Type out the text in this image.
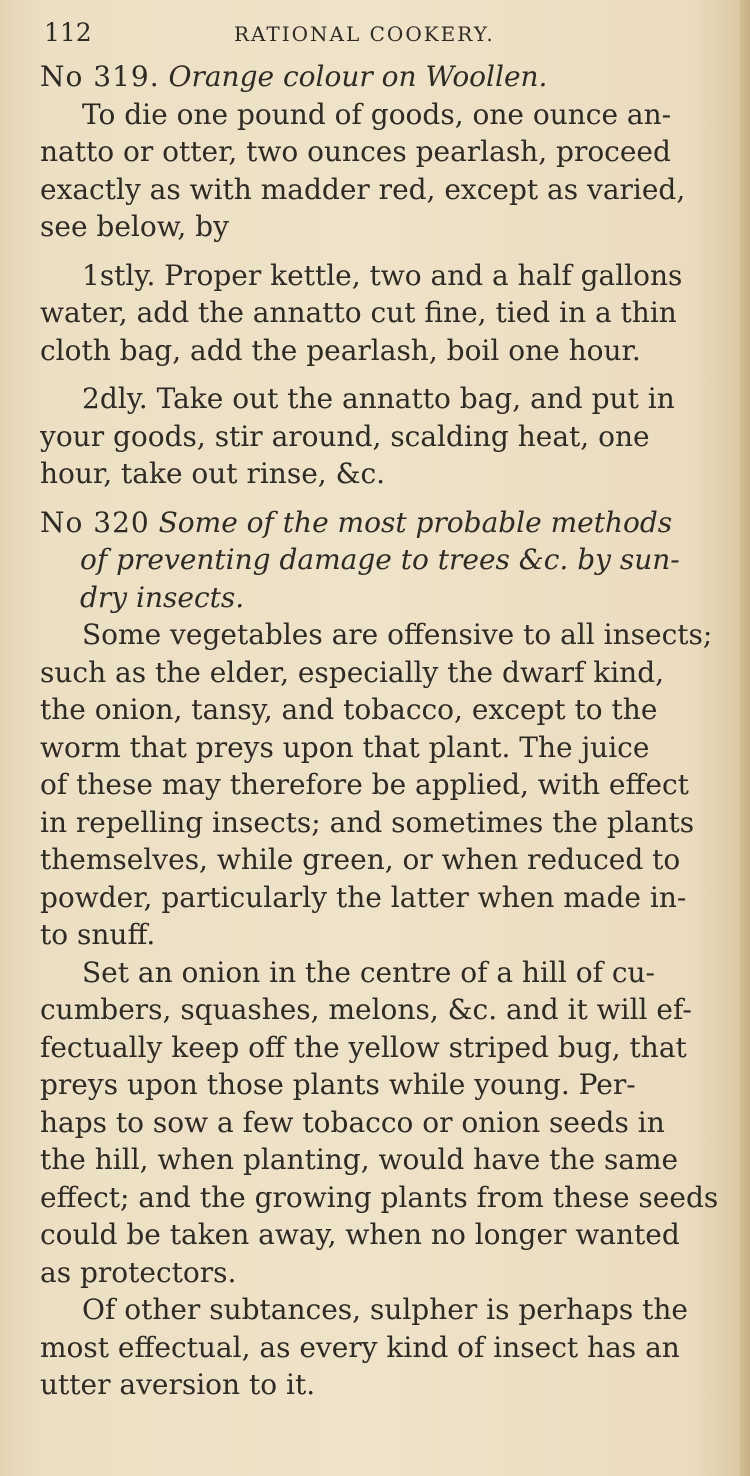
112	RATIONAL COOKERY.
No 319. Orange colour on Woollen.
To die one pound of goods, one ounce an-
natto or otter, two ounces pearlash, proceed
exactly as with madder red, except as varied,
see below, by
1stly. Proper kettle, two and a half gallons
water, add the annatto cut fine, tied in a thin
cloth bag, add the pearlash, boil one hour.
2dly. Take out the annatto bag, and put in
your goods, stir around, scalding heat, one
hour, take out rinse, &c.
No 320 Some of the most probable methods
of preventing damage to trees &c. by sun-
dry insects.
Some vegetables are offensive to all insects;
such as the elder, especially the dwarf kind,
the onion, tansy, and tobacco, except to the
worm that preys upon that plant. The juice
of these may therefore be applied, with effect
in repelling insects; and sometimes the plants
themselves, while green, or when reduced to
powder, particularly the latter when made in-
to snuff.
Set an onion in the centre of a hill of cu-
cumbers, squashes, melons, &c. and it will ef-
fectually keep off the yellow striped bug, that
preys upon those plants while young. Per-
haps to sow a few tobacco or onion seeds in
the hill, when planting, would have the same
effect; and the growing plants from these seeds
could be taken away, when no longer wanted
as protectors.
Of other subtances, sulpher is perhaps the
most effectual, as every kind of insect has an
utter aversion to it.
